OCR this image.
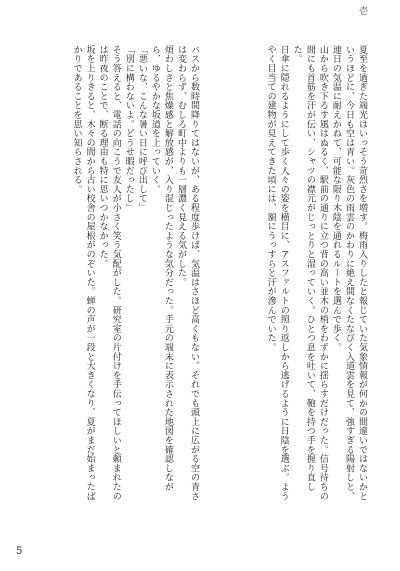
壱

夏至を過ぎた端光はいっそう苛烈さを増す。梅雨入りしたと報じていた気象情報が何かの間違いではないかというほどに、今日も空は青い。灰色の雨雲のかわりに絶え間なくたなびく入道雲を見て、強すぎる陽射しと、連日の気温に耐えかねて、可能な限り木陰を通れるルートを選んで歩く。

山から吹き下ろす風はぬるく、駅前の通りに立つ背の高い並木の梢をわずかに揺らすだけだった。信号待ちの間にも首筋を汗が伝い、シャツの襟元がじっとりと湿っていく。ひとつ息を吐いて、鞄を持つ手を握り直した。

日傘に隠れるようにして歩く人々の姿を横目に、アスファルトの照り返しから逃げるように日陰を選ぶ。ようやく目当ての建物が見えてきた頃には、額にうっすらと汗が滲んでいた。

バスから数時間降りてはないが、ある程度歩けば、気温はさほど高くもない。それでも頭上に広がる空の青さは変わらず、むしろ町中よりも一層濃く見える気がした。

煩わしさと焦燥感と解放感が、入り混じったような気分だった。手元の端末に表示された地図を確認しながら、ゆるやかな坂道を上っていく。

「悪いな、こんな暑い日に呼び出して」

「別に構わないよ。どうせ暇だったし」

そう答えると、電話の向こうで友人が小さく笑う気配がした。研究室の片付けを手伝ってほしいと頼まれたのは昨夜のことで、断る理由も特に思いつかなかった。

坂を上りきると、木々の間から古い校舎の屋根がのぞいた。蝉の声が一段と大きくなり、夏がまだ始まったばかりであることを思い知らされる。

5
